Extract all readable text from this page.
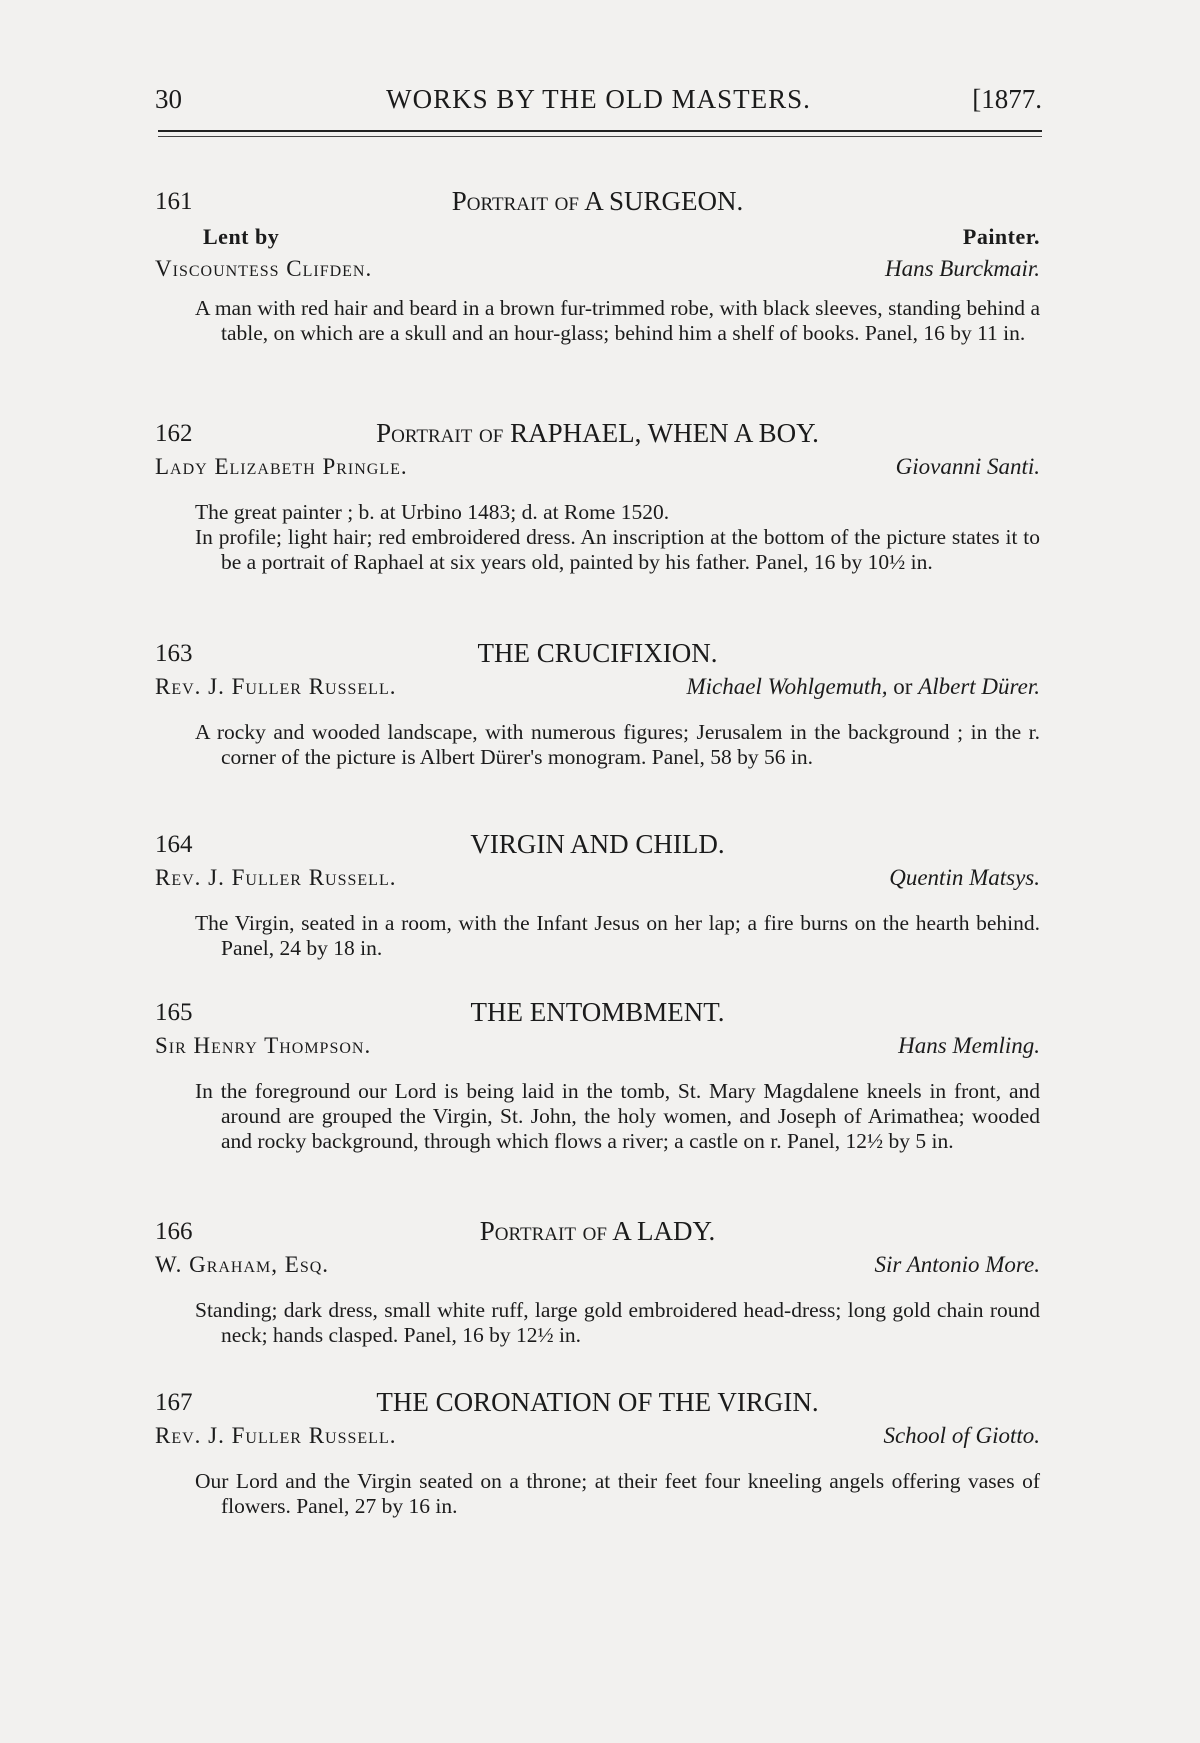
30	WORKS BY THE OLD MASTERS.	[1877.
161	Portrait of A SURGEON.
Lent by	Painter.
Viscountess Clifden.	Hans Burckmair.

A man with red hair and beard in a brown fur-trimmed robe, with black sleeves, standing behind a table, on which are a skull and an hour-glass; behind him a shelf of books. Panel, 16 by 11 in.

162	Portrait of RAPHAEL, WHEN A BOY.
Lady Elizabeth Pringle.	Giovanni Santi.

The great painter ; b. at Urbino 1483; d. at Rome 1520.

In profile; light hair; red embroidered dress. An inscription at the bottom of the picture states it to be a portrait of Raphael at six years old, painted by his father. Panel, 16 by 10½ in.

163	THE CRUCIFIXION.
Rev. J. Fuller Russell.	Michael Wohlgemuth, or Albert Dürer.

A rocky and wooded landscape, with numerous figures; Jerusalem in the background ; in the r. corner of the picture is Albert Dürer's monogram. Panel, 58 by 56 in.

164	VIRGIN AND CHILD.
Rev. J. Fuller Russell.	Quentin Matsys.

The Virgin, seated in a room, with the Infant Jesus on her lap; a fire burns on the hearth behind. Panel, 24 by 18 in.

165	THE ENTOMBMENT.
Sir Henry Thompson.	Hans Memling.

In the foreground our Lord is being laid in the tomb, St. Mary Magdalene kneels in front, and around are grouped the Virgin, St. John, the holy women, and Joseph of Arimathea; wooded and rocky background, through which flows a river; a castle on r. Panel, 12½ by 5 in.

166	Portrait of A LADY.
W. Graham, Esq.	Sir Antonio More.

Standing; dark dress, small white ruff, large gold embroidered head-dress; long gold chain round neck; hands clasped. Panel, 16 by 12½ in.

167	THE CORONATION OF THE VIRGIN.
Rev. J. Fuller Russell.	School of Giotto.

Our Lord and the Virgin seated on a throne; at their feet four kneeling angels offering vases of flowers. Panel, 27 by 16 in.
